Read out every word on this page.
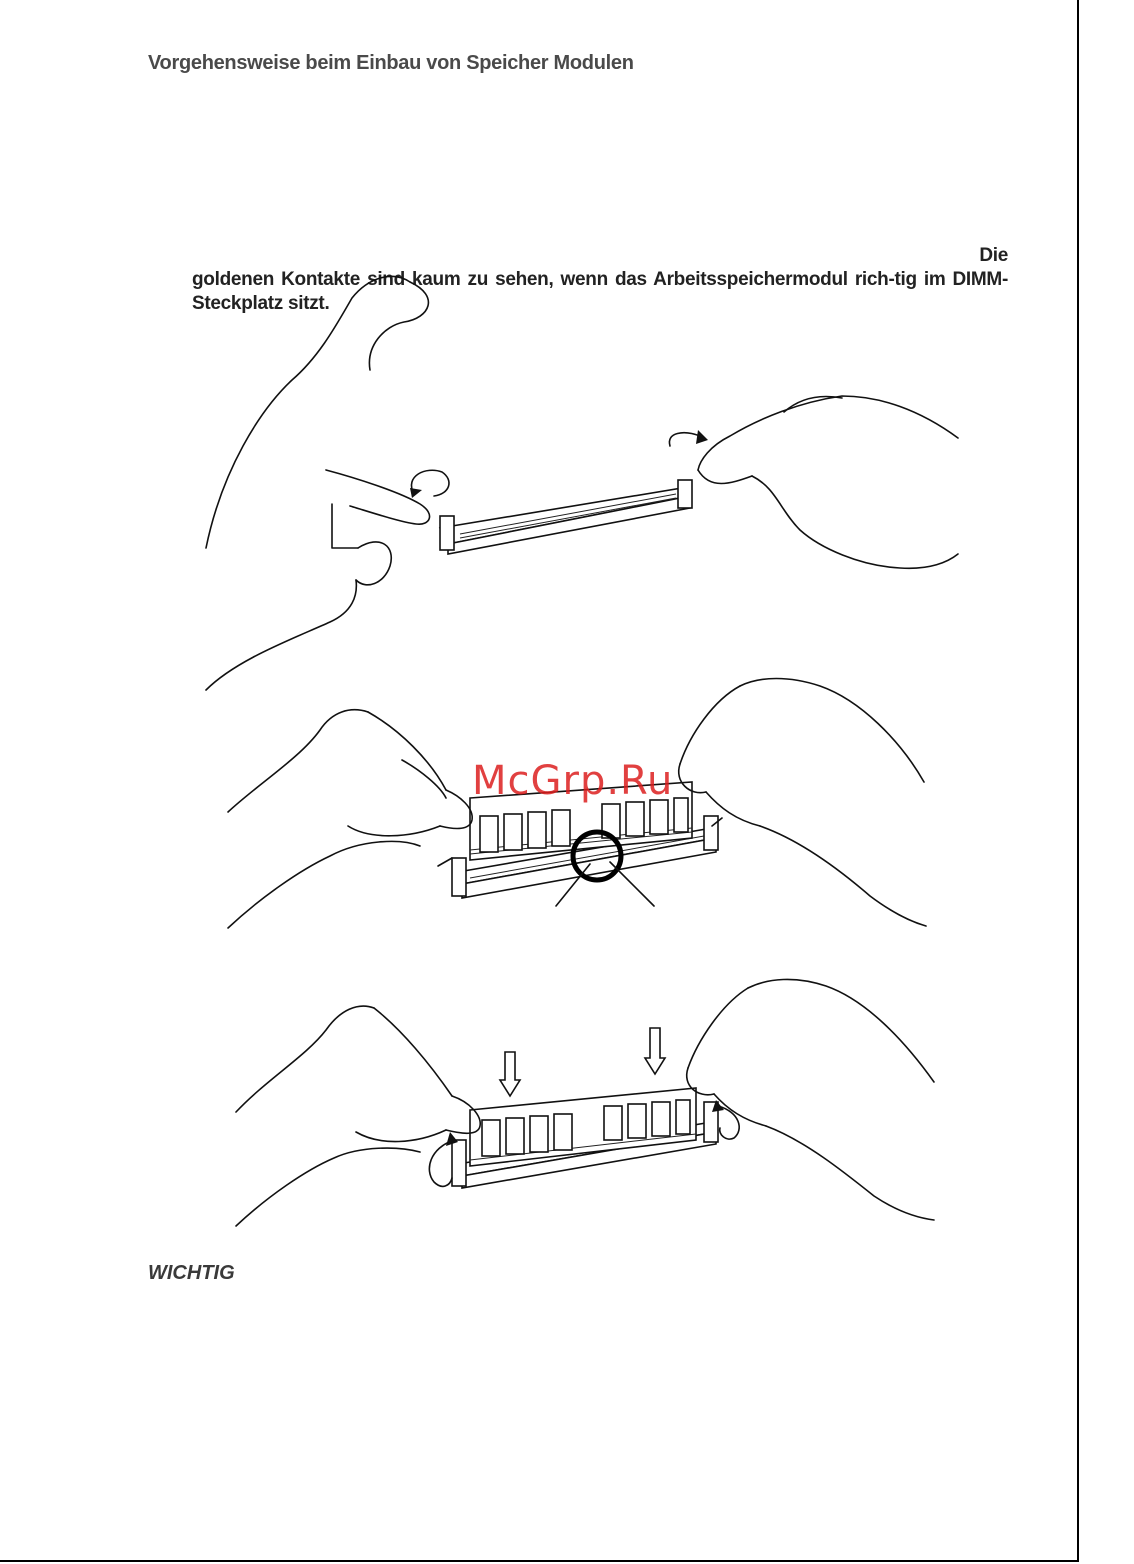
Vorgehensweise beim Einbau von Speicher Modulen

Die

goldenen Kontakte sind kaum zu sehen, wenn das Arbeitsspeichermodul rich-tig im DIMM-Steckplatz sitzt.

McGrp.Ru

WICHTIG
